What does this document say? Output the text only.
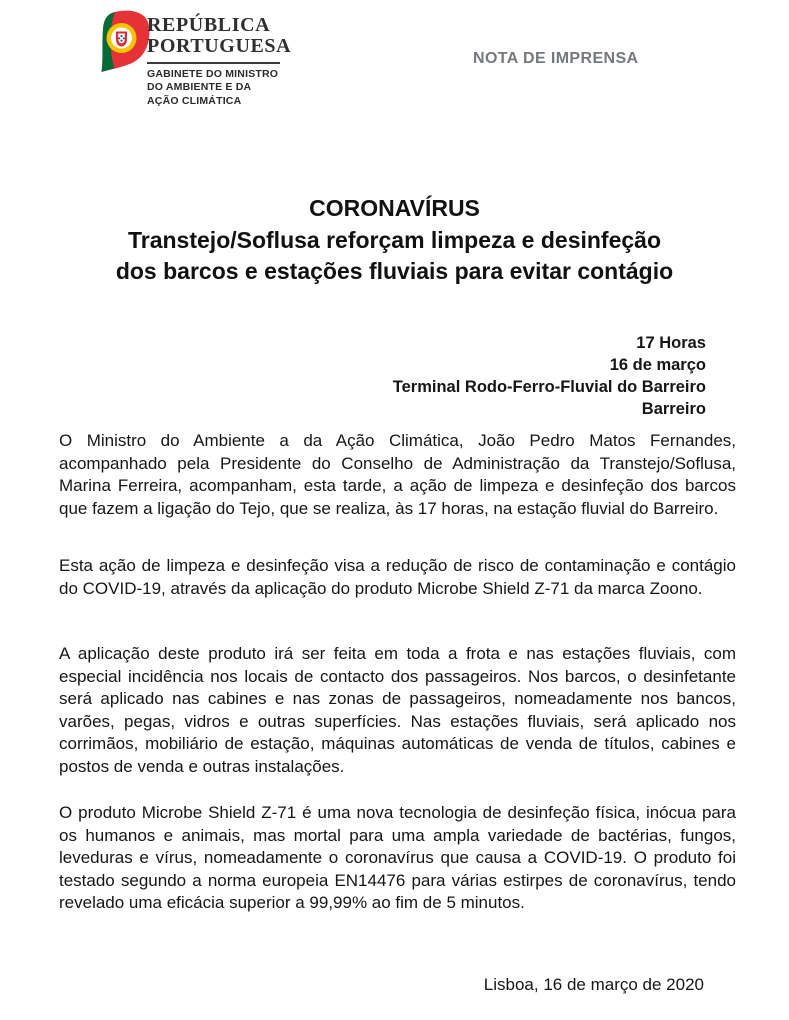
REPÚBLICA
PORTUGUESA
GABINETE DO MINISTRO
DO AMBIENTE E DA
AÇÃO CLIMÁTICA
NOTA DE IMPRENSA
CORONAVÍRUS
Transtejo/Soflusa reforçam limpeza e desinfeção
dos barcos e estações fluviais para evitar contágio
17 Horas
16 de março
Terminal Rodo-Ferro-Fluvial do Barreiro
Barreiro

O Ministro do Ambiente a da Ação Climática, João Pedro Matos Fernandes, acompanhado pela Presidente do Conselho de Administração da Transtejo/Soflusa, Marina Ferreira, acompanham, esta tarde, a ação de limpeza e desinfeção dos barcos que fazem a ligação do Tejo, que se realiza, às 17 horas, na estação fluvial do Barreiro.

Esta ação de limpeza e desinfeção visa a redução de risco de contaminação e contágio do COVID-19, através da aplicação do produto Microbe Shield Z-71 da marca Zoono.

A aplicação deste produto irá ser feita em toda a frota e nas estações fluviais, com especial incidência nos locais de contacto dos passageiros. Nos barcos, o desinfetante será aplicado nas cabines e nas zonas de passageiros, nomeadamente nos bancos, varões, pegas, vidros e outras superfícies. Nas estações fluviais, será aplicado nos corrimãos, mobiliário de estação, máquinas automáticas de venda de títulos, cabines e postos de venda e outras instalações.

O produto Microbe Shield Z-71 é uma nova tecnologia de desinfeção física, inócua para os humanos e animais, mas mortal para uma ampla variedade de bactérias, fungos, leveduras e vírus, nomeadamente o coronavírus que causa a COVID-19. O produto foi testado segundo a norma europeia EN14476 para várias estirpes de coronavírus, tendo revelado uma eficácia superior a 99,99% ao fim de 5 minutos.

Lisboa, 16 de março de 2020
